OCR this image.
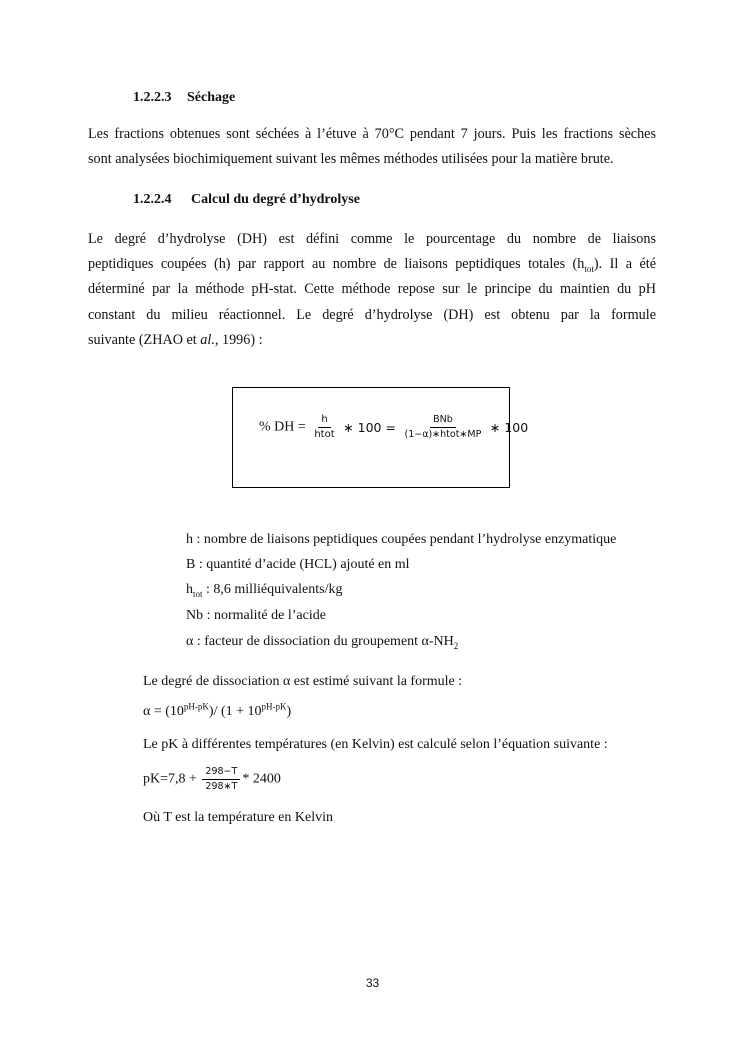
1.2.2.3 Séchage
Les fractions obtenues sont séchées à l’étuve à 70°C pendant 7 jours. Puis les fractions sèches
sont analysées biochimiquement suivant les mêmes méthodes utilisées pour la matière brute.
1.2.2.4 Calcul du degré d’hydrolyse
Le degré d’hydrolyse (DH) est défini comme le pourcentage du nombre de liaisons
peptidiques coupées (h) par rapport au nombre de liaisons peptidiques totales $(h_{tot})$. Il a été
déterminé par la méthode pH-stat. Cette méthode repose sur le principe du maintien du pH
constant du milieu réactionnel. Le degré d’hydrolyse (DH) est obtenu par la formule
suivante (ZHAO et al., 1996) :
% DH = $\frac{h}{\text{htot}}$ ∗ $100 = \frac{\text{BNb}}{\text{(1−α)∗htot∗MP}}$ ∗ 100
h : nombre de liaisons peptidiques coupées pendant l’hydrolyse enzymatique
B : quantité d’acide (HCL) ajouté en ml
$h_{tot}$ : 8,6 milliéquivalents/kg
Nb : normalité de l’acide
α : facteur de dissociation du groupement $\alpha-NH_2$
Le degré de dissociation α est estimé suivant la formule :
$\alpha = (10^{pH-pK})/$ $(1 + 10^{pH-pK})$
Le pK à différentes températures (en Kelvin) est calculé selon l’équation suivante :
$pK=7,8 + \frac{298-T}{298∗T} * 2400$
Où T est la température en Kelvin
33
